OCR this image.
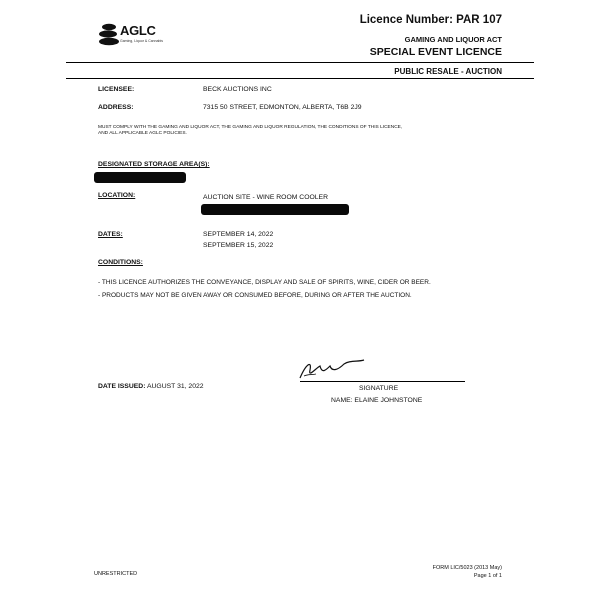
AGLC
Gaming, Liquor & Cannabis
Licence Number: PAR 107
GAMING AND LIQUOR ACT
SPECIAL EVENT LICENCE
PUBLIC RESALE - AUCTION
LICENSEE:	BECK AUCTIONS INC
ADDRESS:	7315 50 STREET, EDMONTON, ALBERTA, T6B 2J9
MUST COMPLY WITH THE GAMING AND LIQUOR ACT, THE GAMING AND LIQUOR REGULATION, THE CONDITIONS OF THIS LICENCE,
AND ALL APPLICABLE AGLC POLICIES.
DESIGNATED STORAGE AREA(S):
LOCATION:	AUCTION SITE - WINE ROOM COOLER
DATES:	SEPTEMBER 14, 2022
SEPTEMBER 15, 2022
CONDITIONS:
- THIS LICENCE AUTHORIZES THE CONVEYANCE, DISPLAY AND SALE OF SPIRITS, WINE, CIDER OR BEER.
- PRODUCTS MAY NOT BE GIVEN AWAY OR CONSUMED BEFORE, DURING OR AFTER THE AUCTION.
SIGNATURE
NAME: ELAINE JOHNSTONE
DATE ISSUED: AUGUST 31, 2022
UNRESTRICTED
FORM LIC/5023 (2013 May)
Page 1 of 1
